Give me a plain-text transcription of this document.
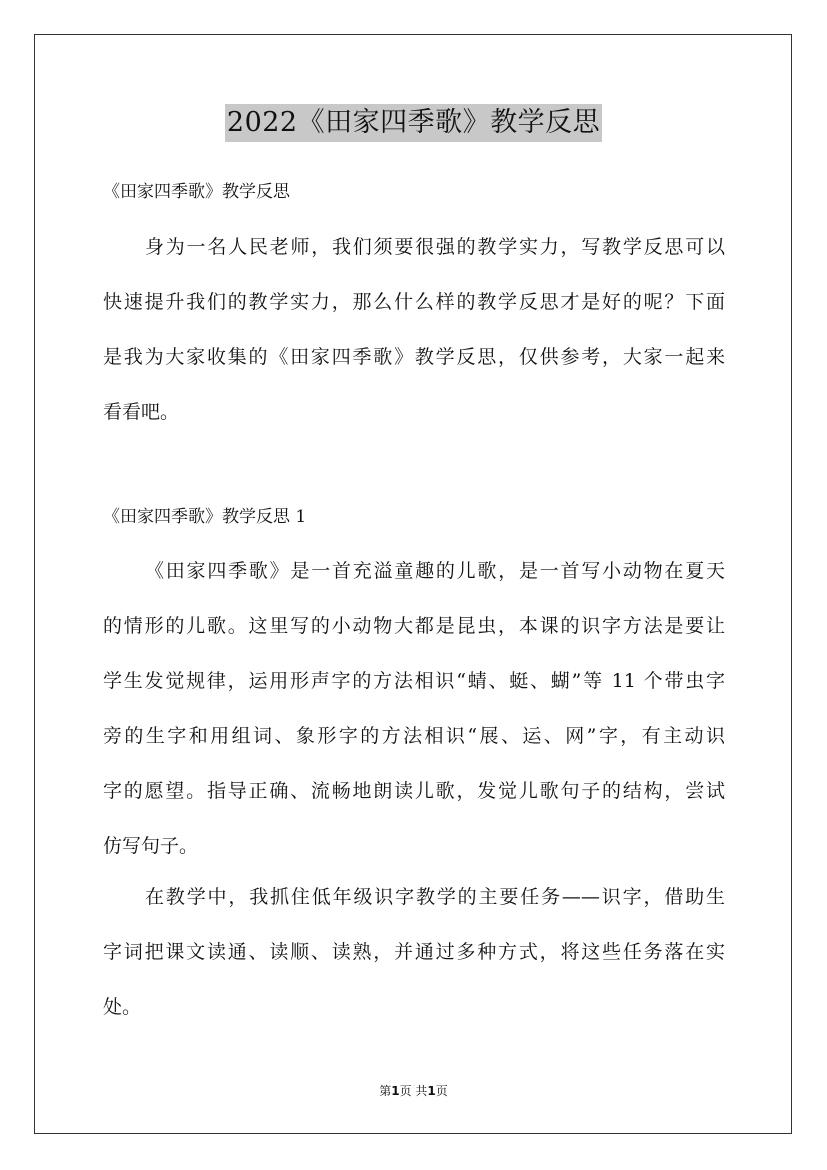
2022《田家四季歌》教学反思
《田家四季歌》教学反思
身为一名人民老师，我们须要很强的教学实力，写教学反思可以
快速提升我们的教学实力，那么什么样的教学反思才是好的呢？下面
是我为大家收集的《田家四季歌》教学反思，仅供参考，大家一起来
看看吧。
《田家四季歌》教学反思 1
《田家四季歌》是一首充溢童趣的儿歌，是一首写小动物在夏天
的情形的儿歌。这里写的小动物大都是昆虫，本课的识字方法是要让
学生发觉规律，运用形声字的方法相识“蜻、蜓、蝴”等 11 个带虫字
旁的生字和用组词、象形字的方法相识“展、运、网”字，有主动识
字的愿望。指导正确、流畅地朗读儿歌，发觉儿歌句子的结构，尝试
仿写句子。
在教学中，我抓住低年级识字教学的主要任务——识字，借助生
字词把课文读通、读顺、读熟，并通过多种方式，将这些任务落在实
处。
第1页 共1页
